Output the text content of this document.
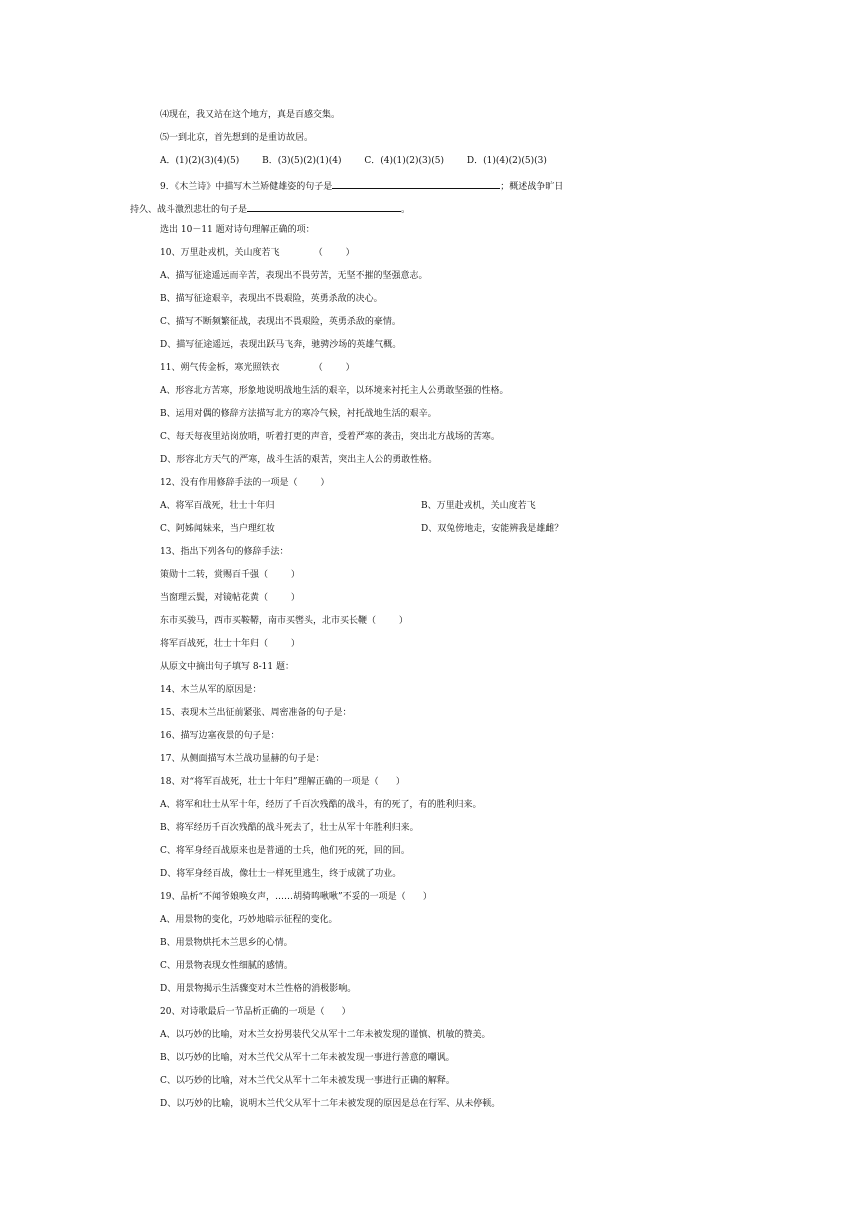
⑷现在，我又站在这个地方，真是百感交集。
⑸一到北京，首先想到的是重访故居。
A．(1)(2)(3)(4)(5)        B．(3)(5)(2)(1)(4)        C．(4)(1)(2)(3)(5)        D．(1)(4)(2)(5)(3)
9．《木兰诗》中描写木兰矫健雄姿的句子是	；概述战争旷日
持久、战斗激烈悲壮的句子是	。
选出 10－11 题对诗句理解正确的项：
10、万里赴戎机，关山度若飞            （        ）
A、描写征途遥远而辛苦，表现出不畏劳苦，无坚不摧的坚强意志。
B、描写征途艰辛，表现出不畏艰险，英勇杀敌的决心。
C、描写不断频繁征战，表现出不畏艰险，英勇杀敌的豪情。
D、描写征途遥远，表现出跃马飞奔，驰骋沙场的英雄气概。
11、朔气传金柝，寒光照铁衣            （        ）
A、形容北方苦寒，形象地说明战地生活的艰辛，以环境来衬托主人公勇敢坚强的性格。
B、运用对偶的修辞方法描写北方的寒冷气候，衬托战地生活的艰辛。
C、每天每夜里站岗放哨，听着打更的声音，受着严寒的袭击，突出北方战场的苦寒。
D、形容北方天气的严寒，战斗生活的艰苦，突出主人公的勇敢性格。
12、没有作用修辞手法的一项是（        ）
A、将军百战死，壮士十年归	B、万里赴戎机，关山度若飞
C、阿姊闻妹来，当户理红妆	D、双兔傍地走，安能辨我是雄雌？
13、指出下列各句的修辞手法：
策勋十二转，赏赐百千强（        ）
当窗理云鬓，对镜帖花黄（        ）
东市买骏马，西市买鞍鞯，南市买辔头，北市买长鞭（        ）
将军百战死，壮士十年归（        ）
从原文中摘出句子填写 8-11 题：
14、木兰从军的原因是：
15、表现木兰出征前紧张、周密准备的句子是：
16、描写边塞夜景的句子是：
17、从侧面描写木兰战功显赫的句子是：
18、对“将军百战死，壮士十年归”理解正确的一项是（      ）
A、将军和壮士从军十年，经历了千百次残酷的战斗，有的死了，有的胜利归来。
B、将军经历千百次残酷的战斗死去了，壮士从军十年胜利归来。
C、将军身经百战原来也是普通的士兵，他们死的死，回的回。
D、将军身经百战，像壮士一样死里逃生，终于成就了功业。
19、品析“不闻爷娘唤女声，……胡骑鸣啾啾”不妥的一项是（      ）
A、用景物的变化，巧妙地暗示征程的变化。
B、用景物烘托木兰思乡的心情。
C、用景物表现女性细腻的感情。
D、用景物揭示生活骤变对木兰性格的消极影响。
20、对诗歌最后一节品析正确的一项是（      ）
A、以巧妙的比喻，对木兰女扮男装代父从军十二年未被发现的谨慎、机敏的赞美。
B、以巧妙的比喻，对木兰代父从军十二年未被发现一事进行善意的嘲讽。
C、以巧妙的比喻，对木兰代父从军十二年未被发现一事进行正确的解释。
D、以巧妙的比喻，说明木兰代父从军十二年未被发现的原因是总在行军、从未停顿。
